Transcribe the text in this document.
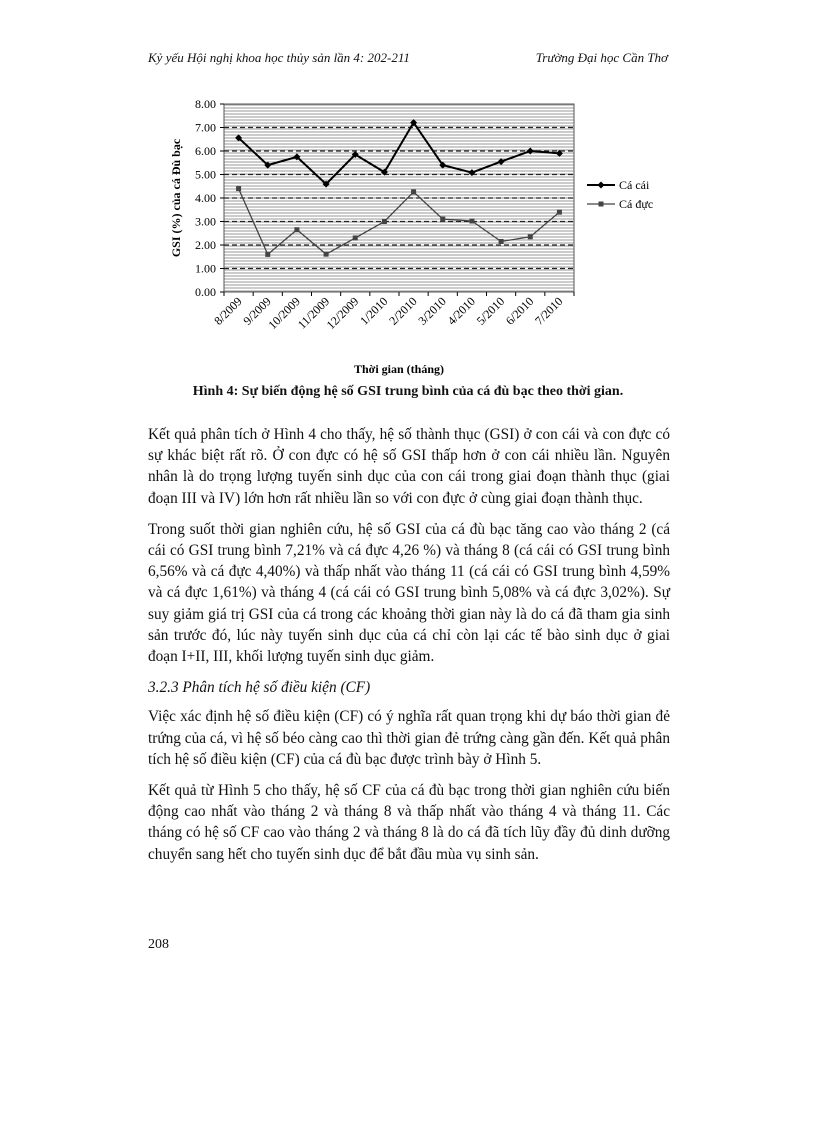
Kỷ yếu Hội nghị khoa học thủy sản lần 4: 202-211	Trường Đại học Cần Thơ
0.00
1.00
2.00
3.00
4.00
5.00
6.00
7.00
8.00
8/2009
9/2009
10/2009
11/2009
12/2009
1/2010
2/2010
3/2010
4/2010
5/2010
6/2010
7/2010
GSI (%) của cá Đù bạc
Thời gian (tháng)
Cá cái
Cá đực
Hình 4: Sự biến động hệ số GSI trung bình của cá đù bạc theo thời gian.

Kết quả phân tích ở Hình 4 cho thấy, hệ số thành thục (GSI) ở con cái và con đực có sự khác biệt rất rõ. Ở con đực có hệ số GSI thấp hơn ở con cái nhiều lần. Nguyên nhân là do trọng lượng tuyến sinh dục của con cái trong giai đoạn thành thục (giai đoạn III và IV) lớn hơn rất nhiều lần so với con đực ở cùng giai đoạn thành thục.

Trong suốt thời gian nghiên cứu, hệ số GSI của cá đù bạc tăng cao vào tháng 2 (cá cái có GSI trung bình 7,21% và cá đực 4,26 %) và tháng 8 (cá cái có GSI trung bình 6,56% và cá đực 4,40%) và thấp nhất vào tháng 11 (cá cái có GSI trung bình 4,59% và cá đực 1,61%) và tháng 4 (cá cái có GSI trung bình 5,08% và cá đực 3,02%). Sự suy giảm giá trị GSI của cá trong các khoảng thời gian này là do cá đã tham gia sinh sản trước đó, lúc này tuyến sinh dục của cá chỉ còn lại các tế bào sinh dục ở giai đoạn I+II, III, khối lượng tuyến sinh dục giảm.

3.2.3 Phân tích hệ số điều kiện (CF)

Việc xác định hệ số điều kiện (CF) có ý nghĩa rất quan trọng khi dự báo thời gian đẻ trứng của cá, vì hệ số béo càng cao thì thời gian đẻ trứng càng gần đến. Kết quả phân tích hệ số điều kiện (CF) của cá đù bạc được trình bày ở Hình 5.

Kết quả từ Hình 5 cho thấy, hệ số CF của cá đù bạc trong thời gian nghiên cứu biến động cao nhất vào tháng 2 và tháng 8 và thấp nhất vào tháng 4 và tháng 11. Các tháng có hệ số CF cao vào tháng 2 và tháng 8 là do cá đã tích lũy đầy đủ dinh dưỡng chuyển sang hết cho tuyến sinh dục để bắt đầu mùa vụ sinh sản.

208
